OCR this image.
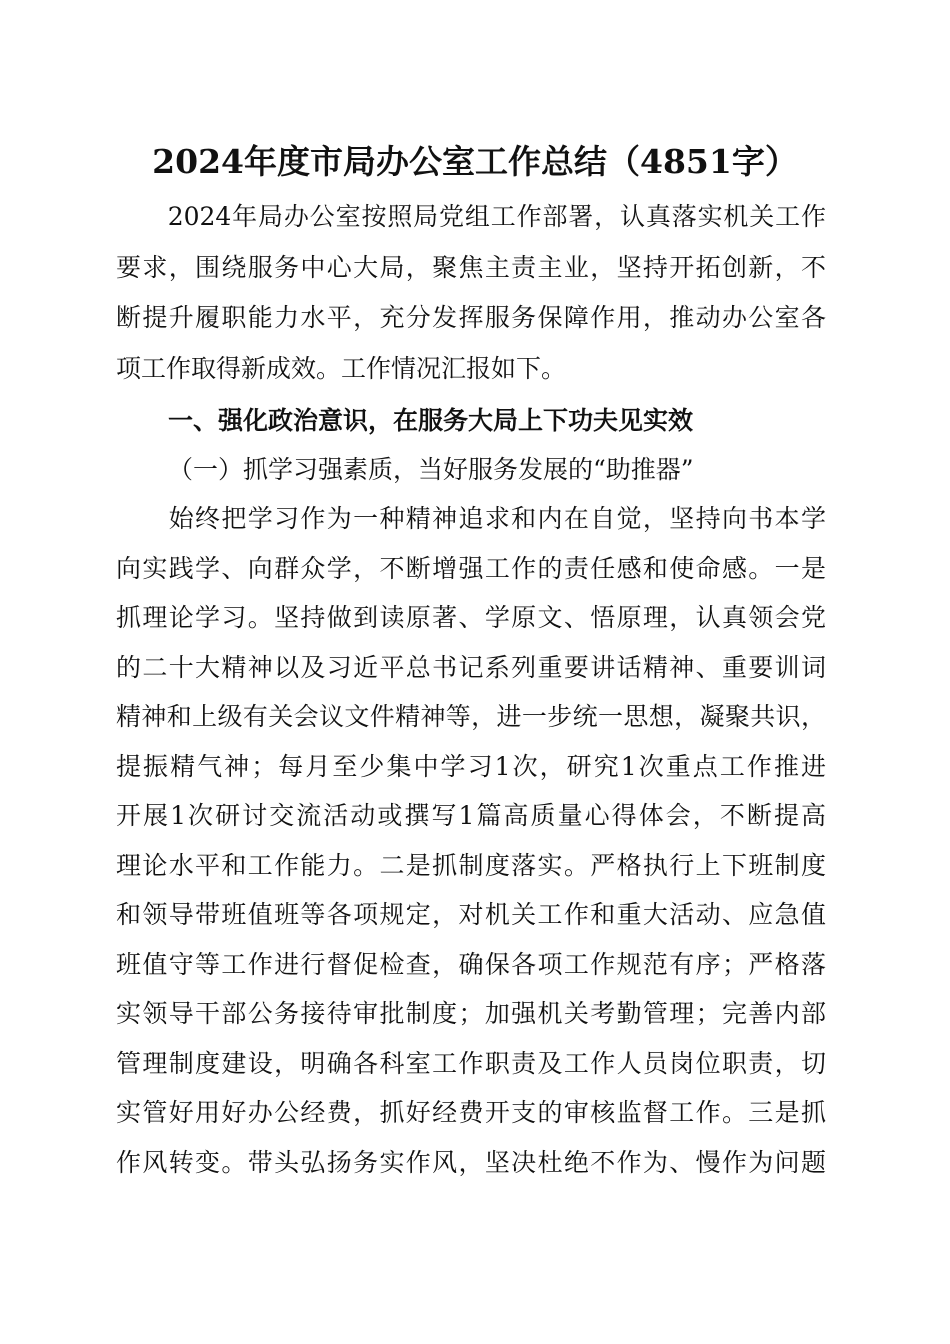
2024年度市局办公室工作总结（4851字）
　　2024年局办公室按照局党组工作部署，认真落实机关工作
要求，围绕服务中心大局，聚焦主责主业，坚持开拓创新，不
断提升履职能力水平，充分发挥服务保障作用，推动办公室各
项工作取得新成效。工作情况汇报如下。
一、强化政治意识，在服务大局上下功夫见实效
（一）抓学习强素质，当好服务发展的“助推器”
　　始终把学习作为一种精神追求和内在自觉，坚持向书本学
向实践学、向群众学，不断增强工作的责任感和使命感。一是
抓理论学习。坚持做到读原著、学原文、悟原理，认真领会党
的二十大精神以及习近平总书记系列重要讲话精神、重要训词
精神和上级有关会议文件精神等，进一步统一思想，凝聚共识，
提振精气神；每月至少集中学习1次，研究1次重点工作推进
开展1次研讨交流活动或撰写1篇高质量心得体会，不断提高
理论水平和工作能力。二是抓制度落实。严格执行上下班制度
和领导带班值班等各项规定，对机关工作和重大活动、应急值
班值守等工作进行督促检查，确保各项工作规范有序；严格落
实领导干部公务接待审批制度；加强机关考勤管理；完善内部
管理制度建设，明确各科室工作职责及工作人员岗位职责，切
实管好用好办公经费，抓好经费开支的审核监督工作。三是抓
作风转变。带头弘扬务实作风，坚决杜绝不作为、慢作为问题
